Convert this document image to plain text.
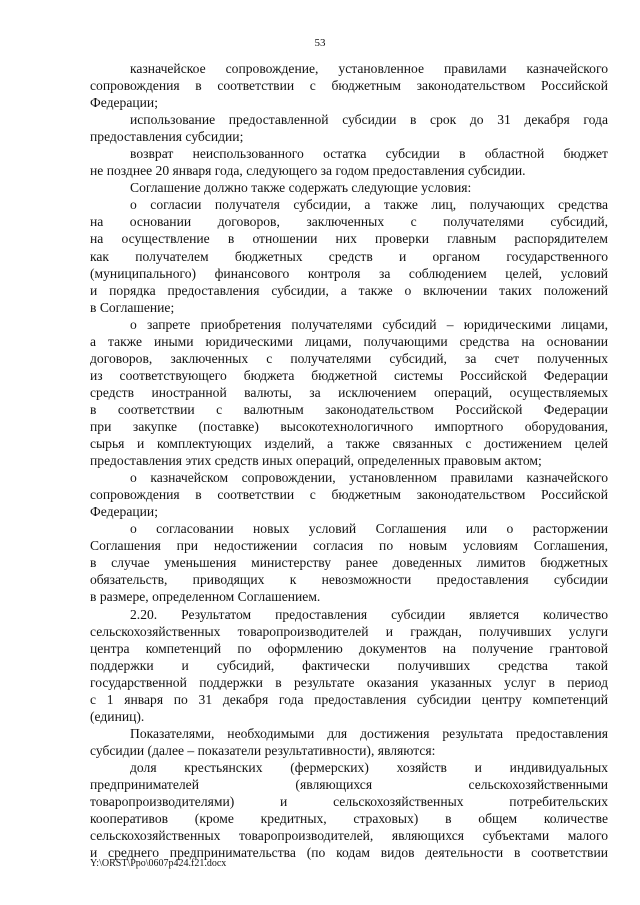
53
казначейское сопровождение, установленное правилами казначейского
сопровождения в соответствии с бюджетным законодательством Российской
Федерации;
использование предоставленной субсидии в срок до 31 декабря года
предоставления субсидии;
возврат неиспользованного остатка субсидии в областной бюджет
не позднее 20 января года, следующего за годом предоставления субсидии.
Соглашение должно также содержать следующие условия:
о согласии получателя субсидии, а также лиц, получающих средства
на основании договоров, заключенных с получателями субсидий,
на осуществление в отношении них проверки главным распорядителем
как получателем бюджетных средств и органом государственного
(муниципального) финансового контроля за соблюдением целей, условий
и порядка предоставления субсидии, а также о включении таких положений
в Соглашение;
о запрете приобретения получателями субсидий – юридическими лицами,
а также иными юридическими лицами, получающими средства на основании
договоров, заключенных с получателями субсидий, за счет полученных
из соответствующего бюджета бюджетной системы Российской Федерации
средств иностранной валюты, за исключением операций, осуществляемых
в соответствии с валютным законодательством Российской Федерации
при закупке (поставке) высокотехнологичного импортного оборудования,
сырья и комплектующих изделий, а также связанных с достижением целей
предоставления этих средств иных операций, определенных правовым актом;
о казначейском сопровождении, установленном правилами казначейского
сопровождения в соответствии с бюджетным законодательством Российской
Федерации;
о согласовании новых условий Соглашения или о расторжении
Соглашения при недостижении согласия по новым условиям Соглашения,
в случае уменьшения министерству ранее доведенных лимитов бюджетных
обязательств, приводящих к невозможности предоставления субсидии
в размере, определенном Соглашением.
2.20. Результатом предоставления субсидии является количество
сельскохозяйственных товаропроизводителей и граждан, получивших услуги
центра компетенций по оформлению документов на получение грантовой
поддержки и субсидий, фактически получивших средства такой
государственной поддержки в результате оказания указанных услуг в период
с 1 января по 31 декабря года предоставления субсидии центру компетенций
(единиц).
Показателями, необходимыми для достижения результата предоставления
субсидии (далее – показатели результативности), являются:
доля крестьянских (фермерских) хозяйств и индивидуальных
предпринимателей (являющихся сельскохозяйственными
товаропроизводителями) и сельскохозяйственных потребительских
кооперативов (кроме кредитных, страховых) в общем количестве
сельскохозяйственных товаропроизводителей, являющихся субъектами малого
и среднего предпринимательства (по кодам видов деятельности в соответствии
Y:\ORST\Ppo\0607p424.f21.docx
